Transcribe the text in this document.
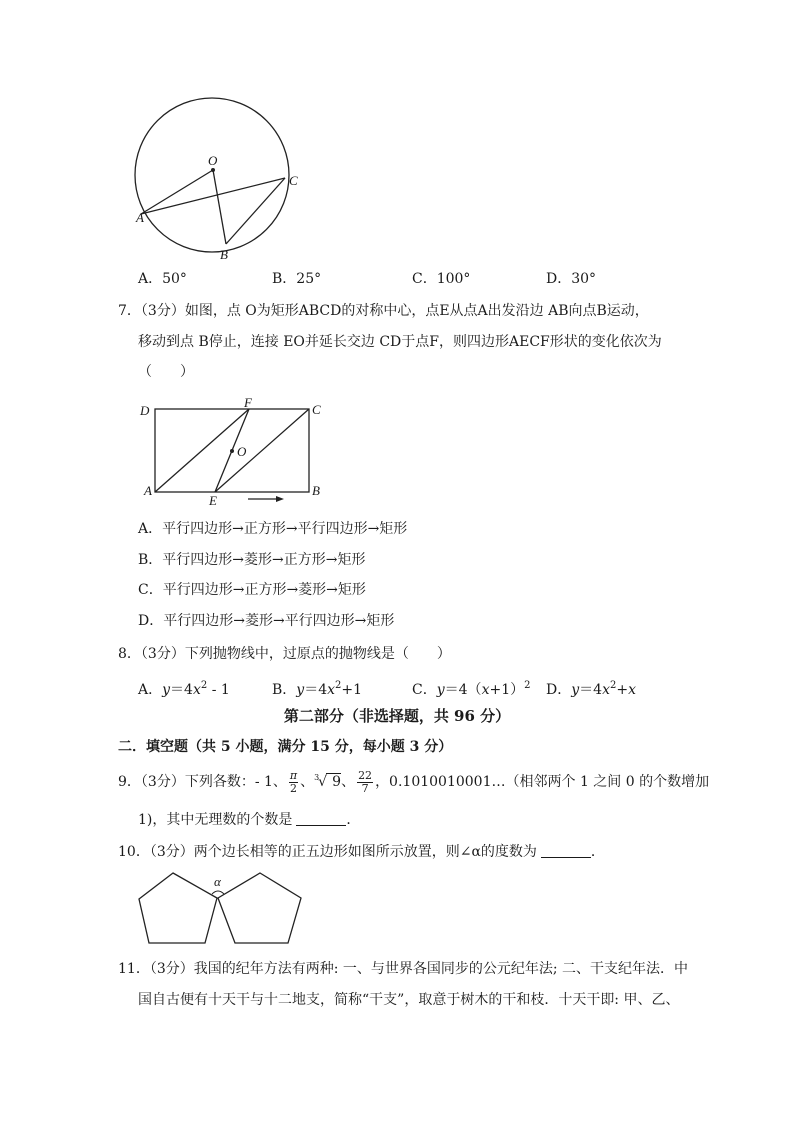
O
A
B
C
A．50°	B．25°	C．100°	D．30°
7．（3分）如图，点 O为矩形ABCD的对称中心，点E从点A出发沿边 AB向点B运动，
移动到点 B停止，连接 EO并延长交边 CD于点F，则四边形AECF形状的变化依次为
（　　）
D
F	C
O
A
E
B
A．平行四边形→正方形→平行四边形→矩形
B．平行四边形→菱形→正方形→矩形
C．平行四边形→正方形→菱形→矩形
D．平行四边形→菱形→平行四边形→矩形
8．（3分）下列抛物线中，过原点的抛物线是（　　）
A．$y=4x^2 - 1$	B．$y=4x^2+1$	C．$y=4(x+1)^2$ D．$y=4x^2+x$
第二部分（非选择题，共 96 分）
二．填空题（共 5 小题，满分 15 分，每小题 3 分）
9．（3分）下列各数：- 1、 $\frac{\pi}{2}$ 、 3
√ 9、 $\frac{22}{7}$ ，0.1010010001…（相邻两个 1 之间 0 的个数增加
1)，其中无理数的个数是	．
10．（3分）两个边长相等的正五边形如图所示放置，则∠α的度数为	．
α
11．（3分）我国的纪年方法有两种: 一、与世界各国同步的公元纪年法; 二、干支纪年法．中
国自古便有十天干与十二地支，简称“干支”，取意于树木的干和枝．十天干即: 甲、乙、
